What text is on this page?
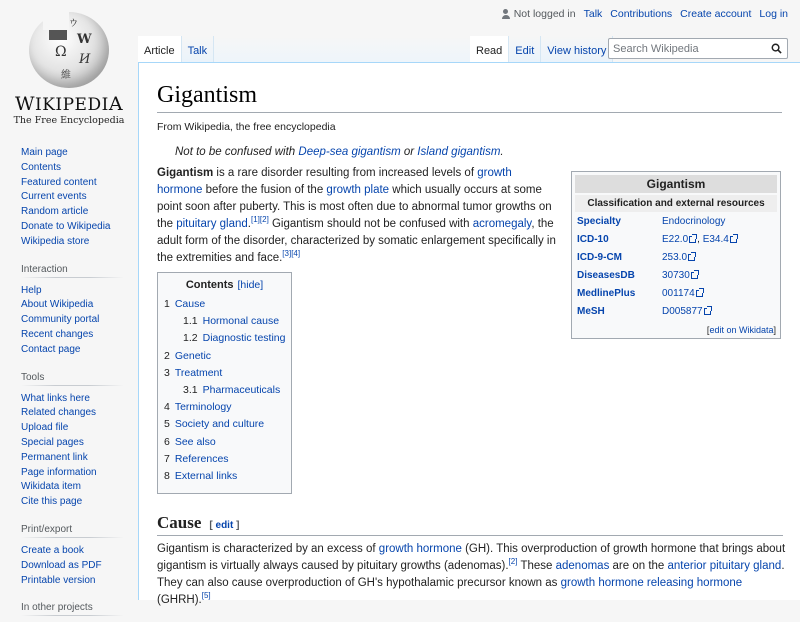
Ω
W
И
維
ウ
WIKIPEDIA
The Free Encyclopedia
Not logged in Talk Contributions Create account Log in
Article	Talk	Read	Edit	View history
Search Wikipedia
Main page
Contents
Featured content
Current events
Random article
Donate to Wikipedia
Wikipedia store
Interaction
Help
About Wikipedia
Community portal
Recent changes
Contact page
Tools
What links here
Related changes
Upload file
Special pages
Permanent link
Page information
Wikidata item
Cite this page
Print/export
Create a book
Download as PDF
Printable version
In other projects
Gigantism
From Wikipedia, the free encyclopedia
Not to be confused with Deep-sea gigantism or Island gigantism.

Gigantism is a rare disorder resulting from increased levels of growth hormone before the fusion of the growth plate which usually occurs at some point soon after puberty. This is most often due to abnormal tumor growths on the pituitary gland.[1][2] Gigantism should not be confused with acromegaly, the adult form of the disorder, characterized by somatic enlargement specifically in the extremities and face.[3][4]

Gigantism
Classification and external resources
Specialty	Endocrinology
ICD-10	E22.0 , E34.4
ICD-9-CM	253.0
DiseasesDB	30730
MedlinePlus	001174
MeSH	D005877
[edit on Wikidata]
Contents [hide]
1 Cause
1.1 Hormonal cause
1.2 Diagnostic testing
2 Genetic
3 Treatment
3.1 Pharmaceuticals
4 Terminology
5 Society and culture
6 See also
7 References
8 External links
Cause [ edit ]

Gigantism is characterized by an excess of growth hormone (GH). This overproduction of growth hormone that brings about gigantism is virtually always caused by pituitary growths (adenomas).[2] These adenomas are on the anterior pituitary gland. They can also cause overproduction of GH's hypothalamic precursor known as growth hormone releasing hormone (GHRH).[5]
